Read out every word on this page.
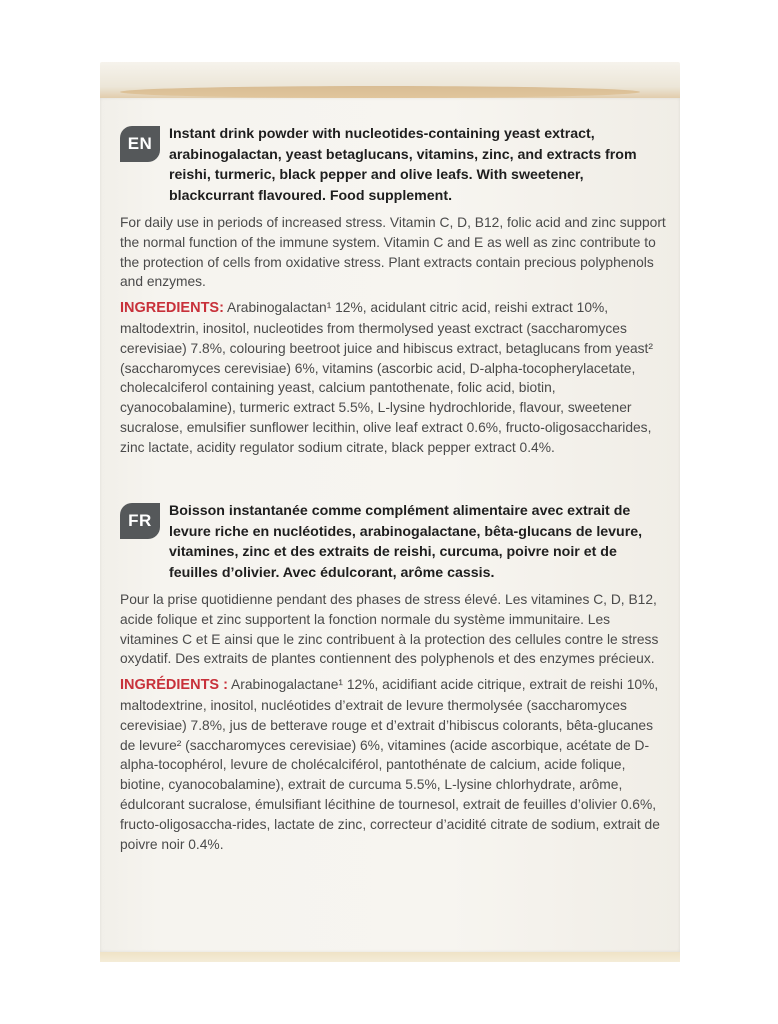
EN	Instant drink powder with nucleotides-containing yeast extract, arabinogalactan, yeast betaglucans, vitamins, zinc, and extracts from reishi, turmeric, black pepper and olive leafs. With sweetener, blackcurrant flavoured. Food supplement.
For daily use in periods of increased stress. Vitamin C, D, B12, folic acid and zinc support the normal function of the immune system. Vitamin C and E as well as zinc contribute to the protection of cells from oxidative stress. Plant extracts contain precious polyphenols and enzymes.
INGREDIENTS: Arabinogalactan¹ 12%, acidulant citric acid, reishi extract 10%, maltodextrin, inositol, nucleotides from thermolysed yeast exctract (saccharomyces cerevisiae) 7.8%, colouring beetroot juice and hibiscus extract, betaglucans from yeast² (saccharomyces cerevisiae) 6%, vitamins (ascorbic acid, D-alpha-tocopherylacetate, cholecalciferol containing yeast, calcium pantothenate, folic acid, biotin, cyanocobalamine), turmeric extract 5.5%, L-lysine hydrochloride, flavour, sweetener sucralose, emulsifier sunflower lecithin, olive leaf extract 0.6%, fructo-oligosaccharides, zinc lactate, acidity regulator sodium citrate, black pepper extract 0.4%.
FR	Boisson instantanée comme complément alimentaire avec extrait de levure riche en nucléotides, arabinogalactane, bêta-glucans de levure, vitamines, zinc et des extraits de reishi, curcuma, poivre noir et de feuilles d’olivier. Avec édulcorant, arôme cassis.
Pour la prise quotidienne pendant des phases de stress élevé. Les vitamines C, D, B12, acide folique et zinc supportent la fonction normale du système immunitaire. Les vitamines C et E ainsi que le zinc contribuent à la protection des cellules contre le stress oxydatif. Des extraits de plantes contiennent des polyphenols et des enzymes précieux.
INGRÉDIENTS : Arabinogalactane¹ 12%, acidifiant acide citrique, extrait de reishi 10%, maltodextrine, inositol, nucléotides d’extrait de levure thermolysée (saccharomyces cerevisiae) 7.8%, jus de betterave rouge et d’extrait d’hibiscus colorants, bêta-glucanes de levure² (saccharomyces cerevisiae) 6%, vitamines (acide ascorbique, acétate de D-alpha-tocophérol, levure de cholécalciférol, pantothénate de calcium, acide folique, biotine, cyanocobalamine), extrait de curcuma 5.5%, L-lysine chlorhydrate, arôme, édulcorant sucralose, émulsifiant lécithine de tournesol, extrait de feuilles d’olivier 0.6%, fructo-oligosaccha-rides, lactate de zinc, correcteur d’acidité citrate de sodium, extrait de poivre noir 0.4%.
